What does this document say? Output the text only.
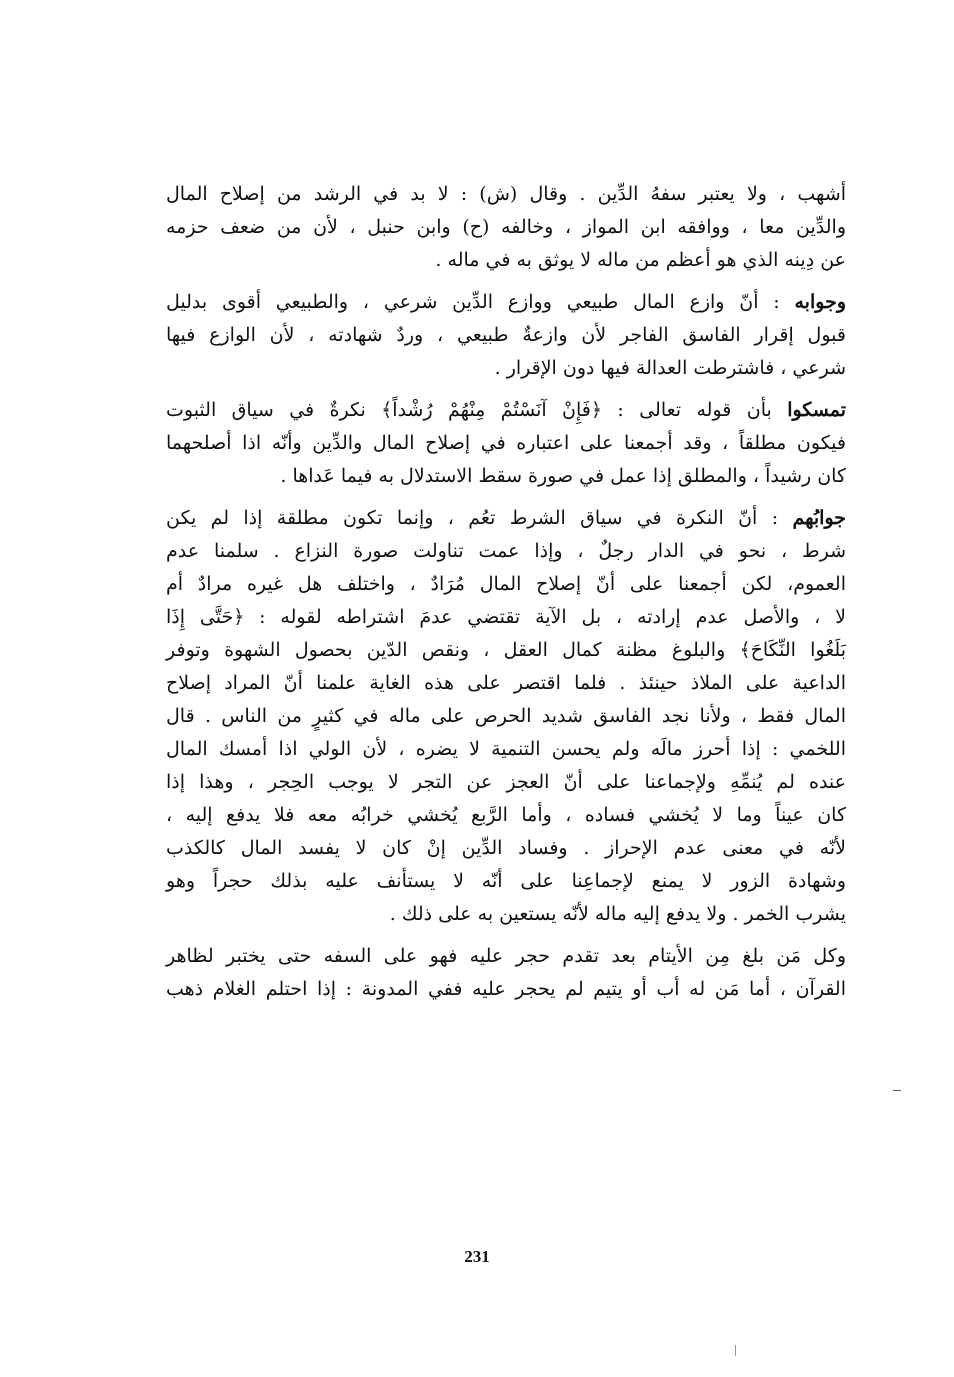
أشهب ، ولا يعتبر سفهُ الدِّين . وقال (ش) : لا بد في الرشد من إصلاح المال
والدِّين معا ، ووافقه ابن المواز ، وخالفه (ح) وابن حنبل ، لأن من ضعف حزمه
عن دِينه الذي هو أعظم من ماله لا يوثق به في ماله .

وجوابه : أنّ وازع المال طبيعي ووازع الدِّين شرعي ، والطبيعي أقوى بدليل
قبول إقرار الفاسق الفاجر لأن وازعةٌ طبيعي ، وردٌ شهادته ، لأن الوازع فيها
شرعي ، فاشترطت العدالة فيها دون الإقرار .

تمسكوا بأن قوله تعالى : ﴿فَإِنْ آنَسْتُمْ مِنْهُمْ رُشْداً﴾ نكرةٌ في سياق الثبوت
فيكون مطلقاً ، وقد أجمعنا على اعتباره في إصلاح المال والدِّين وأنّه اذا أصلحهما
كان رشيداً ، والمطلق إذا عمل في صورة سقط الاستدلال به فيما عَداها .

جوابُهم : أنّ النكرة في سياق الشرط تعُم ، وإنما تكون مطلقة إذا لم يكن
شرط ، نحو في الدار رجلٌ ، وإذا عمت تناولت صورة النزاع . سلمنا عدم
العموم، لكن أجمعنا على أنّ إصلاح المال مُرَادٌ ، واختلف هل غيره مرادٌ أم
لا ، والأصل عدم إرادته ، بل الآية تقتضي عدمَ اشتراطه لقوله : ﴿حَتَّى إِذَا
بَلَغُوا النِّكَاحَ﴾ والبلوغ مظنة كمال العقل ، ونقص الدّين بحصول الشهوة وتوفر
الداعية على الملاذ حينئذ . فلما اقتصر على هذه الغاية علمنا أنّ المراد إصلاح
المال فقط ، ولأنا نجد الفاسق شديد الحرص على ماله في كثيرٍ من الناس . قال
اللخمي : إذا أحرز مالَه ولم يحسن التنمية لا يضره ، لأن الولي اذا أمسك المال
عنده لم يُنمِّهِ ولإجماعنا على أنّ العجز عن التجر لا يوجب الحِجر ، وهذا إذا
كان عيناً وما لا يُخشي فساده ، وأما الرَّبع يُخشي خرابُه معه فلا يدفع إليه ،
لأنّه في معنى عدم الإحراز . وفساد الدِّين إنْ كان لا يفسد المال كالكذب
وشهادة الزور لا يمنع لإجماعِنا على أنّه لا يستأنف عليه بذلك حجراً وهو
يشرب الخمر . ولا يدفع إليه ماله لأنّه يستعين به على ذلك .

وكل مَن بلغ مِن الأيتام بعد تقدم حجر عليه فهو على السفه حتى يختبر لظاهر
القرآن ، أما مَن له أب أو يتيم لم يحجر عليه ففي المدونة : إذا احتلم الغلام ذهب

231
